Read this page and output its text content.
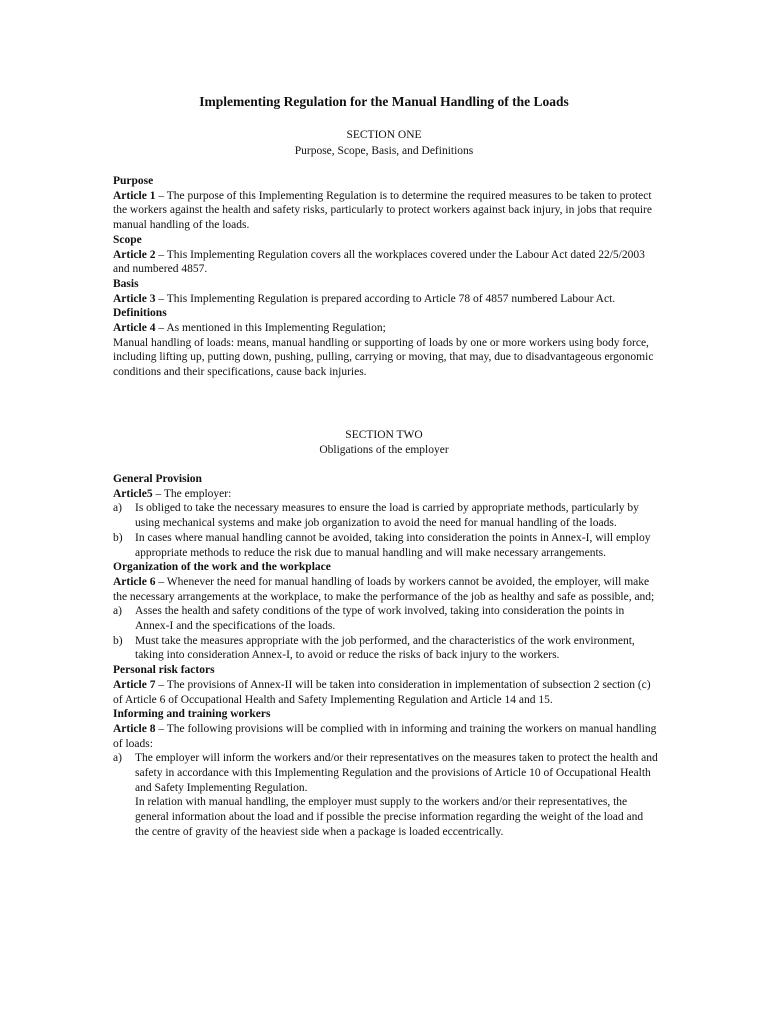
Implementing Regulation for the Manual Handling of the Loads
SECTION ONE
Purpose, Scope, Basis, and Definitions

Purpose

Article 1 – The purpose of this Implementing Regulation is to determine the required measures to be taken to protect the workers against the health and safety risks, particularly to protect workers against back injury, in jobs that require manual handling of the loads.

Scope

Article 2 – This Implementing Regulation covers all the workplaces covered under the Labour Act dated 22/5/2003 and numbered 4857.

Basis

Article 3 – This Implementing Regulation is prepared according to Article 78 of 4857 numbered Labour Act.

Definitions

Article 4 – As mentioned in this Implementing Regulation;

Manual handling of loads: means, manual handling or supporting of loads by one or more workers using body force, including lifting up, putting down, pushing, pulling, carrying or moving, that may, due to disadvantageous ergonomic conditions and their specifications, cause back injuries.

SECTION TWO
Obligations of the employer

General Provision

Article5 – The employer:

a)	Is obliged to take the necessary measures to ensure the load is carried by appropriate methods, particularly by using mechanical systems and make job organization to avoid the need for manual handling of the loads.
b)	In cases where manual handling cannot be avoided, taking into consideration the points in Annex-I, will employ appropriate methods to reduce the risk due to manual handling and will make necessary arrangements.

Organization of the work and the workplace

Article 6 – Whenever the need for manual handling of loads by workers cannot be avoided, the employer, will make the necessary arrangements at the workplace, to make the performance of the job as healthy and safe as possible, and;

a)	Asses the health and safety conditions of the type of work involved, taking into consideration the points in Annex-I and the specifications of the loads.
b)	Must take the measures appropriate with the job performed, and the characteristics of the work environment, taking into consideration Annex-I, to avoid or reduce the risks of back injury to the workers.

Personal risk factors

Article 7 – The provisions of Annex-II will be taken into consideration in implementation of subsection 2 section (c) of Article 6 of Occupational Health and Safety Implementing Regulation and Article 14 and 15.

Informing and training workers

Article 8 – The following provisions will be complied with in informing and training the workers on manual handling of loads:

a)	The employer will inform the workers and/or their representatives on the measures taken to protect the health and safety in accordance with this Implementing Regulation and the provisions of Article 10 of Occupational Health and Safety Implementing Regulation.

In relation with manual handling, the employer must supply to the workers and/or their representatives, the general information about the load and if possible the precise information regarding the weight of the load and the centre of gravity of the heaviest side when a package is loaded eccentrically.
